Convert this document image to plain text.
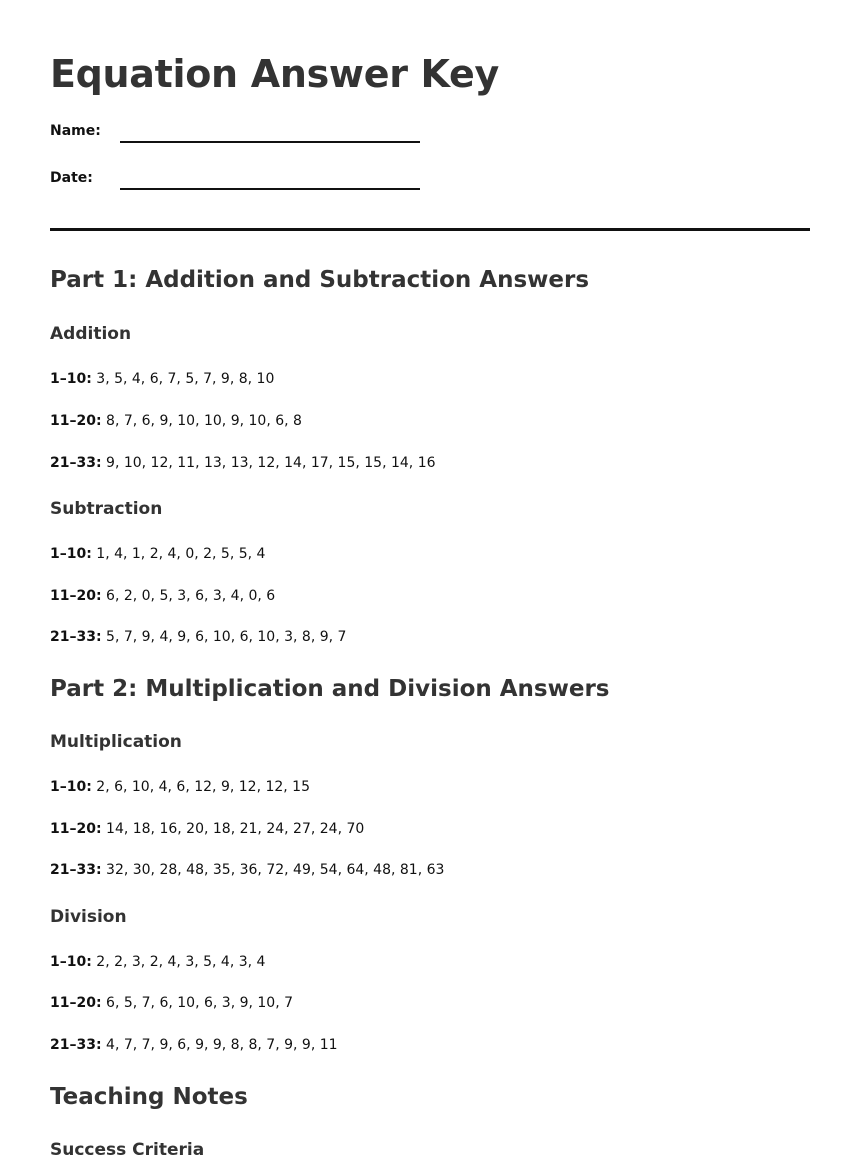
Equation Answer Key
Name:
Date:
Part 1: Addition and Subtraction Answers
Addition
1–10: 3, 5, 4, 6, 7, 5, 7, 9, 8, 10
11–20: 8, 7, 6, 9, 10, 10, 9, 10, 6, 8
21–33: 9, 10, 12, 11, 13, 13, 12, 14, 17, 15, 15, 14, 16
Subtraction
1–10: 1, 4, 1, 2, 4, 0, 2, 5, 5, 4
11–20: 6, 2, 0, 5, 3, 6, 3, 4, 0, 6
21–33: 5, 7, 9, 4, 9, 6, 10, 6, 10, 3, 8, 9, 7
Part 2: Multiplication and Division Answers
Multiplication
1–10: 2, 6, 10, 4, 6, 12, 9, 12, 12, 15
11–20: 14, 18, 16, 20, 18, 21, 24, 27, 24, 70
21–33: 32, 30, 28, 48, 35, 36, 72, 49, 54, 64, 48, 81, 63
Division
1–10: 2, 2, 3, 2, 4, 3, 5, 4, 3, 4
11–20: 6, 5, 7, 6, 10, 6, 3, 9, 10, 7
21–33: 4, 7, 7, 9, 6, 9, 9, 8, 8, 7, 9, 9, 11
Teaching Notes
Success Criteria
